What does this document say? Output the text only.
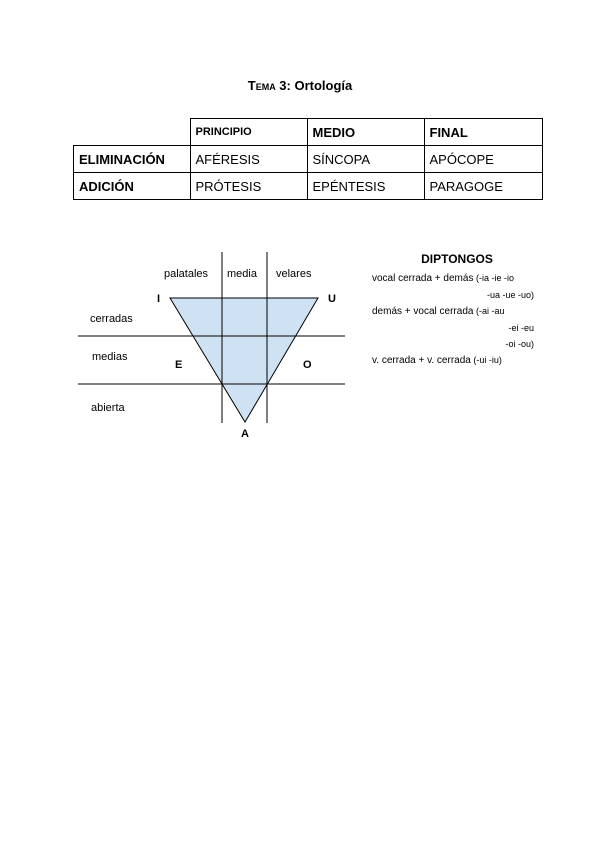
Tema 3: Ortología
	PRINCIPIO	MEDIO	FINAL
ELIMINACIÓN	AFÉRESIS	SÍNCOPA	APÓCOPE
ADICIÓN	PRÓTESIS	EPÉNTESIS	PARAGOGE
palatales media velares
cerradas
medias
abierta
I	U
E	O
A
DIPTONGOS
vocal cerrada + demás (-ia -ie -io
-ua -ue -uo)
demás + vocal cerrada (-ai -au
-ei -eu
-oi -ou)
v. cerrada + v. cerrada (-ui -iu)
